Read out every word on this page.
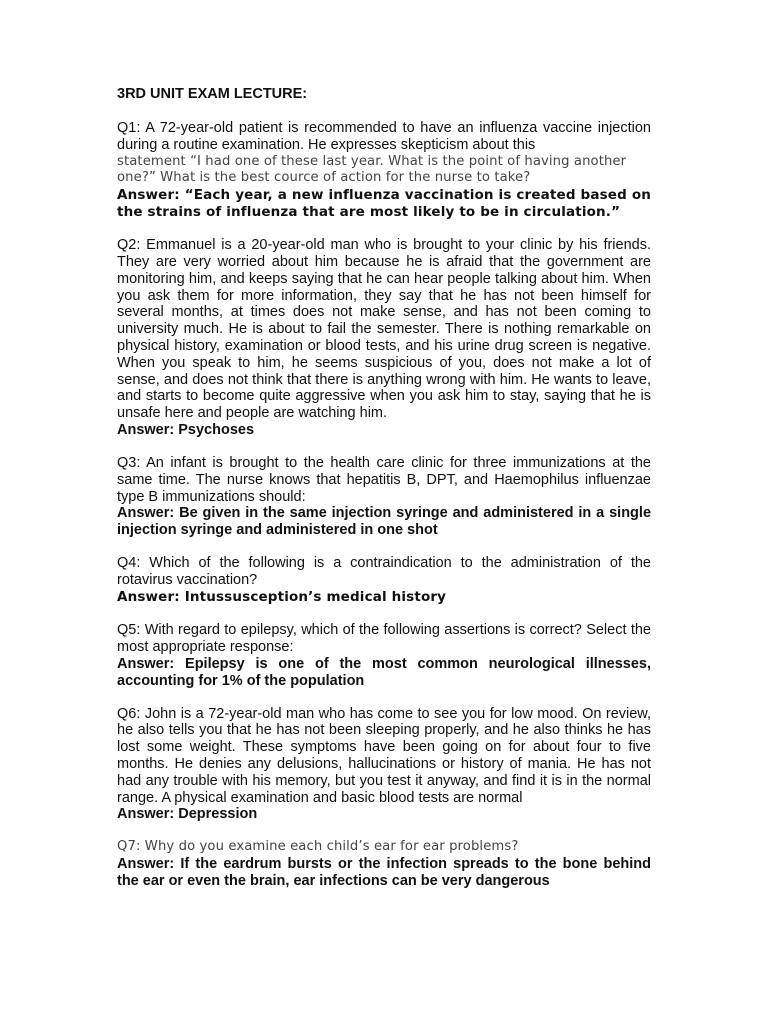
3RD UNIT EXAM LECTURE:

Q1: A 72-year-old patient is recommended to have an influenza vaccine injection during a routine examination. He expresses skepticism about this

statement “I had one of these last year. What is the point of having another one?” What is the best cource of action for the nurse to take?

Answer: “Each year, a new influenza vaccination is created based on the strains of influenza that are most likely to be in circulation.”

Q2: Emmanuel is a 20-year-old man who is brought to your clinic by his friends. They are very worried about him because he is afraid that the government are monitoring him, and keeps saying that he can hear people talking about him. When you ask them for more information, they say that he has not been himself for several months, at times does not make sense, and has not been coming to university much. He is about to fail the semester. There is nothing remarkable on physical history, examination or blood tests, and his urine drug screen is negative. When you speak to him, he seems suspicious of you, does not make a lot of sense, and does not think that there is anything wrong with him. He wants to leave, and starts to become quite aggressive when you ask him to stay, saying that he is unsafe here and people are watching him.

Answer: Psychoses

Q3: An infant is brought to the health care clinic for three immunizations at the same time. The nurse knows that hepatitis B, DPT, and Haemophilus influenzae type B immunizations should:

Answer: Be given in the same injection syringe and administered in a single injection syringe and administered in one shot

Q4: Which of the following is a contraindication to the administration of the rotavirus vaccination?

Answer: Intussusception’s medical history

Q5: With regard to epilepsy, which of the following assertions is correct? Select the most appropriate response:

Answer: Epilepsy is one of the most common neurological illnesses, accounting for 1% of the population

Q6: John is a 72-year-old man who has come to see you for low mood. On review, he also tells you that he has not been sleeping properly, and he also thinks he has lost some weight. These symptoms have been going on for about four to five months. He denies any delusions, hallucinations or history of mania. He has not had any trouble with his memory, but you test it anyway, and find it is in the normal range. A physical examination and basic blood tests are normal

Answer: Depression

Q7: Why do you examine each child’s ear for ear problems?

Answer: If the eardrum bursts or the infection spreads to the bone behind the ear or even the brain, ear infections can be very dangerous
